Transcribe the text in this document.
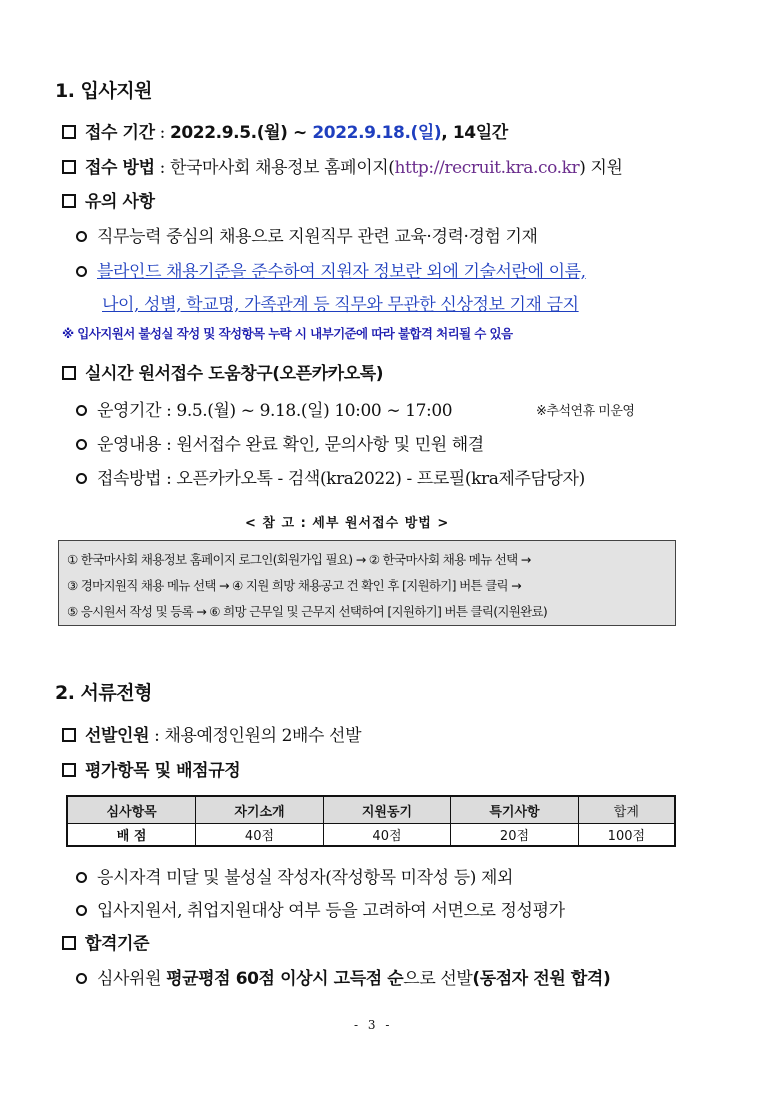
1. 입사지원
접수 기간 : 2022.9.5.(월) ∼ 2022.9.18.(일), 14일간
접수 방법 : 한국마사회 채용정보 홈페이지(http://recruit.kra.co.kr) 지원
유의 사항
직무능력 중심의 채용으로 지원직무 관련 교육·경력·경험 기재
블라인드 채용기준을 준수하여 지원자 정보란 외에 기술서란에 이름,
나이, 성별, 학교명, 가족관계 등 직무와 무관한 신상정보 기재 금지
※ 입사지원서 불성실 작성 및 작성항목 누락 시 내부기준에 따라 불합격 처리될 수 있음
실시간 원서접수 도움창구(오픈카카오톡)
운영기간 : 9.5.(월) ~ 9.18.(일) 10:00 ∼ 17:00	※추석연휴 미운영
운영내용 : 원서접수 완료 확인, 문의사항 및 민원 해결
접속방법 : 오픈카카오톡 - 검색(kra2022) - 프로필(kra제주담당자)
< 참 고 : 세부 원서접수 방법 >
① 한국마사회 채용정보 홈페이지 로그인(회원가입 필요) → ② 한국마사회 채용 메뉴 선택 →
③ 경마지원직 채용 메뉴 선택 → ④ 지원 희망 채용공고 건 확인 후 [지원하기] 버튼 클릭 →
⑤ 응시원서 작성 및 등록 → ⑥ 희망 근무일 및 근무지 선택하여 [지원하기] 버튼 클릭(지원완료)
2. 서류전형
선발인원 : 채용예정인원의 2배수 선발
평가항목 및 배점규정
심사항목	자기소개	지원동기	특기사항	합계
배 점	40점	40점	20점	100점
응시자격 미달 및 불성실 작성자(작성항목 미작성 등) 제외
입사지원서, 취업지원대상 여부 등을 고려하여 서면으로 정성평가
합격기준
심사위원 평균평점 60점 이상시 고득점 순으로 선발(동점자 전원 합격)
- 3 -
